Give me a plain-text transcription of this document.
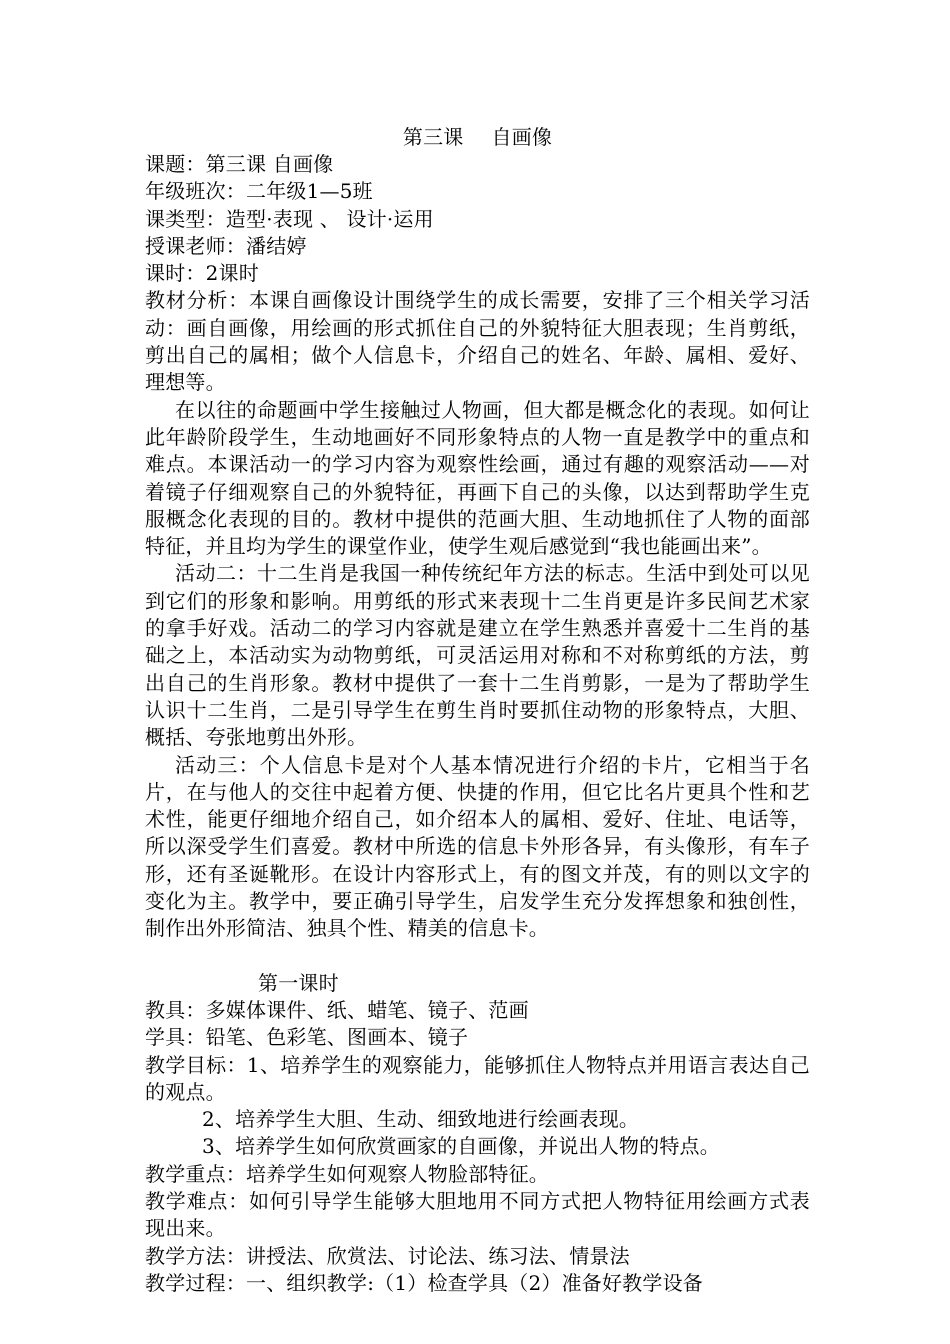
第三课 自画像

课题：第三课 自画像

年级班次：二年级1—5班

课类型：造型·表现 、 设计·运用

授课老师：潘结婷

课时：2课时

教材分析：本课自画像设计围绕学生的成长需要，安排了三个相关学习活动：画自画像，用绘画的形式抓住自己的外貌特征大胆表现；生肖剪纸，剪出自己的属相；做个人信息卡，介绍自己的姓名、年龄、属相、爱好、理想等。

在以往的命题画中学生接触过人物画，但大都是概念化的表现。如何让此年龄阶段学生，生动地画好不同形象特点的人物一直是教学中的重点和难点。本课活动一的学习内容为观察性绘画，通过有趣的观察活动——对着镜子仔细观察自己的外貌特征，再画下自己的头像，以达到帮助学生克服概念化表现的目的。教材中提供的范画大胆、生动地抓住了人物的面部特征，并且均为学生的课堂作业，使学生观后感觉到“我也能画出来”。

活动二：十二生肖是我国一种传统纪年方法的标志。生活中到处可以见到它们的形象和影响。用剪纸的形式来表现十二生肖更是许多民间艺术家的拿手好戏。活动二的学习内容就是建立在学生熟悉并喜爱十二生肖的基础之上，本活动实为动物剪纸，可灵活运用对称和不对称剪纸的方法，剪出自己的生肖形象。教材中提供了一套十二生肖剪影，一是为了帮助学生认识十二生肖，二是引导学生在剪生肖时要抓住动物的形象特点，大胆、概括、夸张地剪出外形。

活动三：个人信息卡是对个人基本情况进行介绍的卡片，它相当于名片，在与他人的交往中起着方便、快捷的作用，但它比名片更具个性和艺术性，能更仔细地介绍自己，如介绍本人的属相、爱好、住址、电话等，所以深受学生们喜爱。教材中所选的信息卡外形各异，有头像形，有车子形，还有圣诞靴形。在设计内容形式上，有的图文并茂，有的则以文字的变化为主。教学中，要正确引导学生，启发学生充分发挥想象和独创性，制作出外形简洁、独具个性、精美的信息卡。

第一课时

教具：多媒体课件、纸、蜡笔、镜子、范画

学具：铅笔、色彩笔、图画本、镜子

教学目标：1、培养学生的观察能力，能够抓住人物特点并用语言表达自己的观点。

2、培养学生大胆、生动、细致地进行绘画表现。

3、培养学生如何欣赏画家的自画像，并说出人物的特点。

教学重点：培养学生如何观察人物脸部特征。

教学难点：如何引导学生能够大胆地用不同方式把人物特征用绘画方式表现出来。

教学方法：讲授法、欣赏法、讨论法、练习法、情景法

教学过程：一、组织教学:（1）检查学具（2）准备好教学设备
